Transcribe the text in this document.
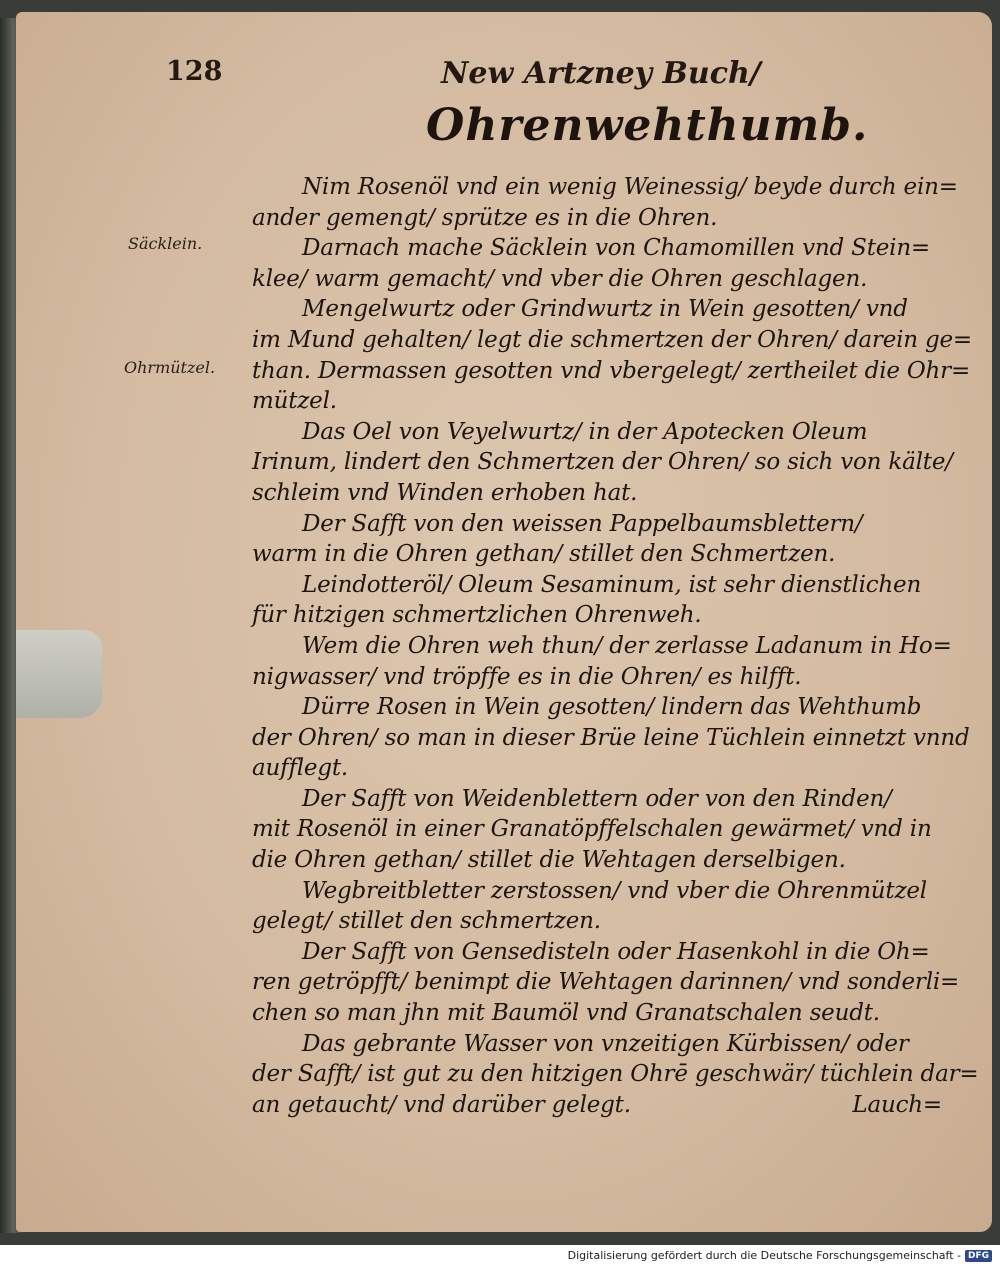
128	New Artzney Buch/
Ohrenwehthumb.
Säcklein.
Ohrmützel.
Nim Rosenöl vnd ein wenig Weinessig/ beyde durch ein=
ander gemengt/ sprütze es in die Ohren.
Darnach mache Säcklein von Chamomillen vnd Stein=
klee/ warm gemacht/ vnd vber die Ohren geschlagen.
Mengelwurtz oder Grindwurtz in Wein gesotten/ vnd
im Mund gehalten/ legt die schmertzen der Ohren/ darein ge=
than. Dermassen gesotten vnd vbergelegt/ zertheilet die Ohr=
mützel.
Das Oel von Veyelwurtz/ in der Apotecken Oleum
Irinum, lindert den Schmertzen der Ohren/ so sich von kälte/
schleim vnd Winden erhoben hat.
Der Safft von den weissen Pappelbaumsblettern/
warm in die Ohren gethan/ stillet den Schmertzen.
Leindotteröl/ Oleum Sesaminum, ist sehr dienstlichen
für hitzigen schmertzlichen Ohrenweh.
Wem die Ohren weh thun/ der zerlasse Ladanum in Ho=
nigwasser/ vnd tröpffe es in die Ohren/ es hilfft.
Dürre Rosen in Wein gesotten/ lindern das Wehthumb
der Ohren/ so man in dieser Brüe leine Tüchlein einnetzt vnnd
aufflegt.
Der Safft von Weidenblettern oder von den Rinden/
mit Rosenöl in einer Granatöpffelschalen gewärmet/ vnd in
die Ohren gethan/ stillet die Wehtagen derselbigen.
Wegbreitbletter zerstossen/ vnd vber die Ohrenmützel
gelegt/ stillet den schmertzen.
Der Safft von Gensedisteln oder Hasenkohl in die Oh=
ren getröpfft/ benimpt die Wehtagen darinnen/ vnd sonderli=
chen so man jhn mit Baumöl vnd Granatschalen seudt.
Das gebrante Wasser von vnzeitigen Kürbissen/ oder
der Safft/ ist gut zu den hitzigen Ohrē geschwär/ tüchlein dar=
an getaucht/ vnd darüber gelegt.	Lauch=
Digitalisierung gefördert durch die Deutsche Forschungsgemeinschaft - DFG
